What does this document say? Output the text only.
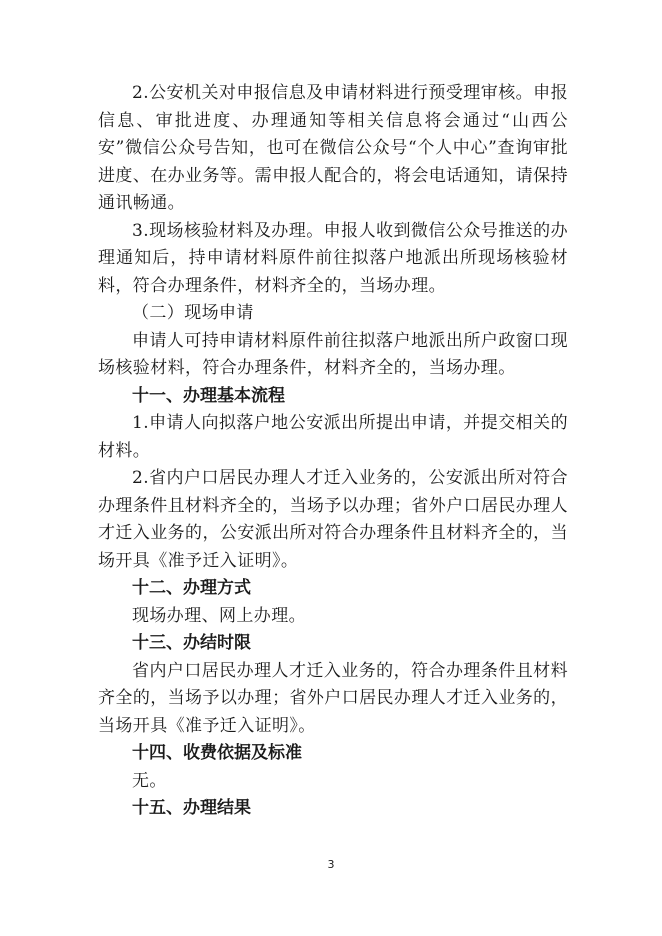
2.公安机关对申报信息及申请材料进行预受理审核。申报信息、审批进度、办理通知等相关信息将会通过“山西公安”微信公众号告知，也可在微信公众号“个人中心”查询审批进度、在办业务等。需申报人配合的，将会电话通知，请保持通讯畅通。

3.现场核验材料及办理。申报人收到微信公众号推送的办理通知后，持申请材料原件前往拟落户地派出所现场核验材料，符合办理条件，材料齐全的，当场办理。

（二）现场申请

申请人可持申请材料原件前往拟落户地派出所户政窗口现场核验材料，符合办理条件，材料齐全的，当场办理。

十一、办理基本流程

1.申请人向拟落户地公安派出所提出申请，并提交相关的材料。

2.省内户口居民办理人才迁入业务的，公安派出所对符合办理条件且材料齐全的，当场予以办理；省外户口居民办理人才迁入业务的，公安派出所对符合办理条件且材料齐全的，当场开具《准予迁入证明》。

十二、办理方式

现场办理、网上办理。

十三、办结时限

省内户口居民办理人才迁入业务的，符合办理条件且材料齐全的，当场予以办理；省外户口居民办理人才迁入业务的，当场开具《准予迁入证明》。

十四、收费依据及标准

无。

十五、办理结果

3
